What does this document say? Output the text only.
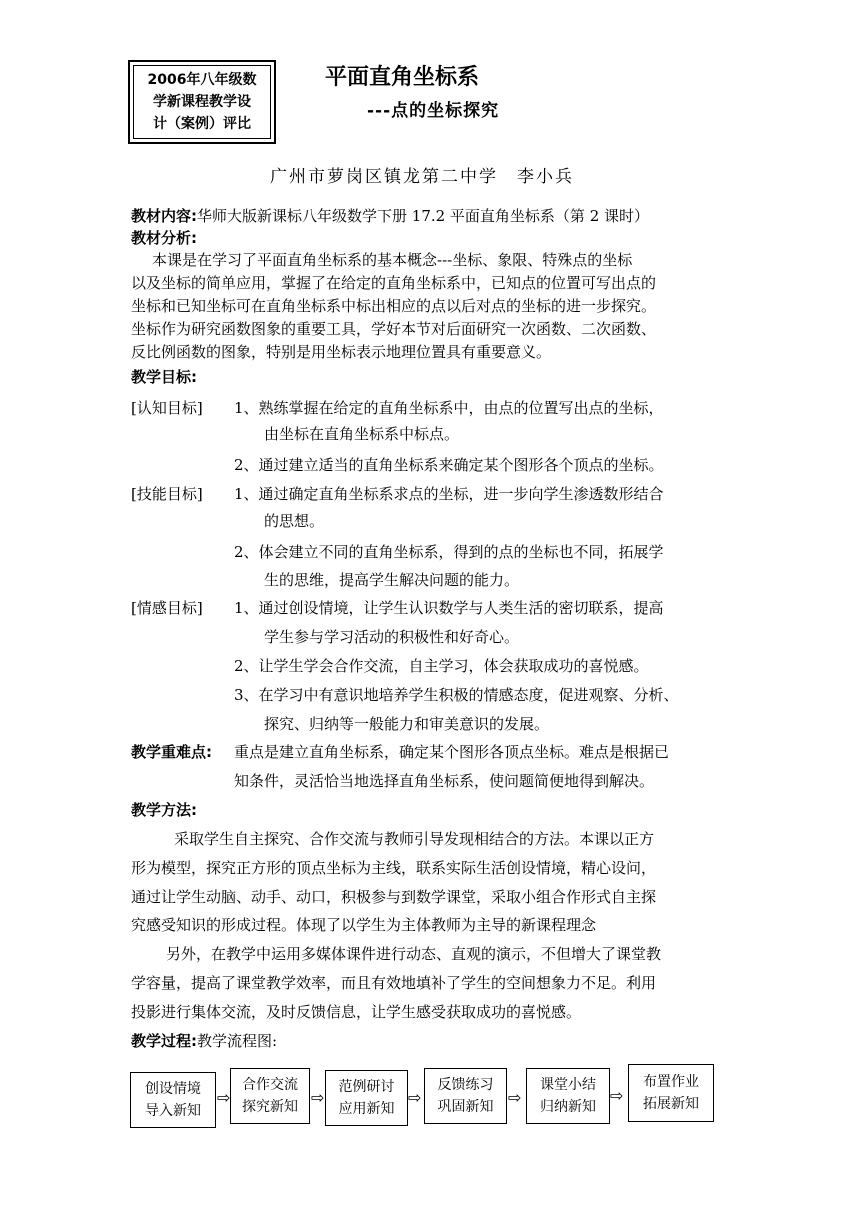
2006年八年级数
学新课程教学设
计（案例）评比
平面直角坐标系
---点的坐标探究
广州市萝岗区镇龙第二中学　李小兵
教材内容:华师大版新课标八年级数学下册 17.2 平面直角坐标系（第 2 课时）
教材分析:
本课是在学习了平面直角坐标系的基本概念---坐标、象限、特殊点的坐标
以及坐标的简单应用，掌握了在给定的直角坐标系中，已知点的位置可写出点的
坐标和已知坐标可在直角坐标系中标出相应的点以后对点的坐标的进一步探究。
坐标作为研究函数图象的重要工具，学好本节对后面研究一次函数、二次函数、
反比例函数的图象，特别是用坐标表示地理位置具有重要意义。
教学目标:
[认知目标] 1、熟练掌握在给定的直角坐标系中，由点的位置写出点的坐标，
由坐标在直角坐标系中标点。
2、通过建立适当的直角坐标系来确定某个图形各个顶点的坐标。
[技能目标] 1、通过确定直角坐标系求点的坐标，进一步向学生渗透数形结合
的思想。
2、体会建立不同的直角坐标系，得到的点的坐标也不同，拓展学
生的思维，提高学生解决问题的能力。
[情感目标] 1、通过创设情境，让学生认识数学与人类生活的密切联系，提高
学生参与学习活动的积极性和好奇心。
2、让学生学会合作交流，自主学习，体会获取成功的喜悦感。
3、在学习中有意识地培养学生积极的情感态度，促进观察、分析、
探究、归纳等一般能力和审美意识的发展。
教学重难点: 重点是建立直角坐标系，确定某个图形各顶点坐标。难点是根据已
知条件，灵活恰当地选择直角坐标系，使问题简便地得到解决。
教学方法:
采取学生自主探究、合作交流与教师引导发现相结合的方法。本课以正方
形为模型，探究正方形的顶点坐标为主线，联系实际生活创设情境，精心设问，
通过让学生动脑、动手、动口，积极参与到数学课堂，采取小组合作形式自主探
究感受知识的形成过程。体现了以学生为主体教师为主导的新课程理念
另外，在教学中运用多媒体课件进行动态、直观的演示，不但增大了课堂教
学容量，提高了课堂教学效率，而且有效地填补了学生的空间想象力不足。利用
投影进行集体交流，及时反馈信息，让学生感受获取成功的喜悦感。
教学过程:教学流程图:
创设情境
导入新知
⇨
合作交流
探究新知 ⇨
范例研讨
应用新知
⇨
反馈练习
巩固新知 ⇨
课堂小结
归纳新知
⇨
布置作业
拓展新知
